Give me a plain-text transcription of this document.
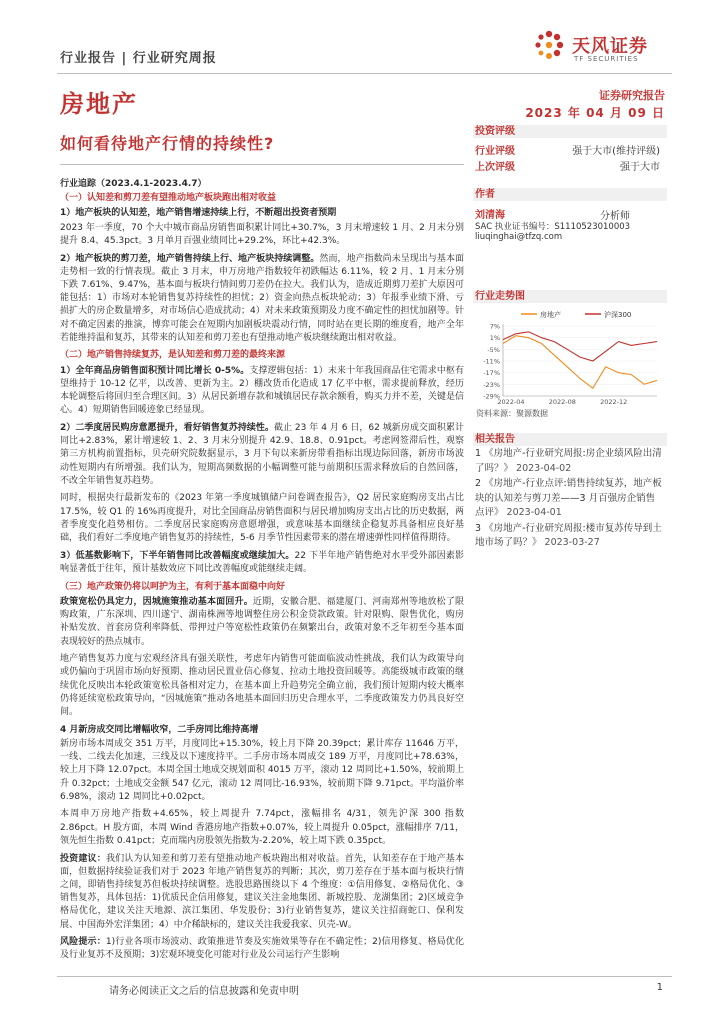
行业报告 | 行业研究周报
天风证券
TF SECURITIES
房地产	证券研究报告
2023 年 04 月 09 日
如何看待地产行情的持续性?
投资评级
行业评级	强于大市(维持评级)
上次评级	强于大市
作者
刘清海	分析师
SAC 执业证书编号：S1110523010003
liuqinghai@tfzq.com
行业走势图
房地产	沪深300
7%
1%
-5%
-11%
-17%
-23%
-29%
2022-04	2022-08	2022-12
资料来源：聚源数据
相关报告

1 《房地产-行业研究周报:房企业绩风险出清了吗？》 2023-04-02

2 《房地产-行业点评:销售持续复苏，地产板块的认知差与剪刀差——3 月百强房企销售点评》 2023-04-01

3 《房地产-行业研究周报:楼市复苏传导到土地市场了吗？》 2023-03-27

行业追踪（2023.4.1-2023.4.7）

（一）认知差和剪刀差有望推动地产板块跑出相对收益

1）地产板块的认知差，地产销售增速持续上行，不断超出投资者预期

2023 年一季度，70 个大中城市商品房销售面积累计同比+30.7%，3 月末增速较 1 月、2 月末分别提升 8.4、45.3pct。3 月单月百强业绩同比+29.2%，环比+42.3%。

2）地产板块的剪刀差，地产销售持续上行、地产板块持续调整。然而，地产指数尚未呈现出与基本面走势相一致的行情表现。截止 3 月末，申万房地产指数较年初跌幅达 6.11%，较 2 月、1 月末分别下跌 7.61%、9.47%，基本面与板块行情间剪刀差仍在拉大。我们认为，造成近期剪刀差扩大原因可能包括：1）市场对本轮销售复苏持续性的担忧；2）资金向热点板块轮动；3）年报季业绩下滑、亏损扩大的房企数量增多，对市场信心造成扰动；4）对未来政策预期及力度不确定性的担忧加剧等。针对不确定因素的推演，博弈可能会在短期内加剧板块震动行情，同时站在更长期的维度看，地产全年若能维持温和复苏，其带来的认知差和剪刀差也有望推动地产板块继续跑出相对收益。

（二）地产销售持续复苏，是认知差和剪刀差的最终来源

1）全年商品房销售面积预计同比增长 0-5%。支撑逻辑包括：1）末来十年我国商品住宅需求中枢有望维持于 10-12 亿平，以改善、更新为主。2）棚改货币化造成 17 亿平中枢，需求提前释放，经历本轮调整后将回归至合理区间。3）从居民新增存款和城镇居民存款余额看，购买力并不差，关键是信心。4）短期销售回暖迹象已经显现。

2）二季度居民购房意愿提升，看好销售复苏持续性。截止 23 年 4 月 6 日，62 城新房成交面积累计同比+2.83%，累计增速较 1、2、3 月末分别提升 42.9、18.8、0.91pct。考虑网签滞后性，观察第三方机构前置指标，贝壳研究院数据显示，3 月下旬以来新房带看指标出现边际回落，新房市场波动性短期内有所增强。我们认为，短期高频数据的小幅调整可能与前期积压需求释放后的自然回落，不改全年销售复苏趋势。

同时，根据央行最新发布的《2023 年第一季度城镇储户问卷调查报告》，Q2 居民家庭购房支出占比 17.5%，较 Q1 的 16%再度提升，对比全国商品房销售面积与居民增加购房支出占比的历史数据，两者季度变化趋势相仿。二季度居民家庭购房意愿增强，或意味基本面继续企稳复苏具备相应良好基础，我们看好二季度地产销售复苏的持续性，5-6 月季节性因素带来的潜在增速弹性同样值得期待。

3）低基数影响下，下半年销售同比改善幅度或继续加大。22 下半年地产销售绝对水平受外部因素影响显著低于往年，预计基数效应下同比改善幅度或能继续走阔。

（三）地产政策仍将以呵护为主，有利于基本面稳中向好

政策宽松仍具定力，因城施策推动基本面回升。近期，安徽合肥、福建厦门、河南郑州等地放松了限购政策，广东深圳、四川遂宁、湖南株洲等地调整住房公积金贷款政策。针对限购、限售优化，购房补贴发放、首套房贷利率降低、带押过户等宽松性政策仍在频繁出台，政策对象不乏年初至今基本面表现较好的热点城市。

地产销售复苏力度与宏观经济具有强关联性，考虑年内销售可能面临波动性挑战，我们认为政策导向或仍偏向于巩固市场向好预期、推动居民置业信心修复、拉动土地投资回暖等。高能级城市政策的继续优化反映出本轮政策宽松具备相对定力，在基本面上升趋势完全确立前，我们预计短期内较大概率仍将延续宽松政策导向，“因城施策”推动各地基本面回归历史合理水平，二季度政策发力仍具良好空间。

4 月新房成交同比增幅收窄，二手房同比维持高增

新房市场本周成交 351 万平，月度同比+15.30%，较上月下降 20.39pct；累计库存 11646 万平，一线、二线去化加速，三线及以下速度持平。二手房市场本周成交 189 万平，月度同比+78.63%，较上月下降 12.07pct。本周全国土地成交规划面积 4015 万平，滚动 12 周同比+1.50%，较前期上升 0.32pct；土地成交金额 547 亿元，滚动 12 周同比-16.93%，较前期下降 9.71pct。平均溢价率 6.98%，滚动 12 周同比+0.02pct。

本周申万房地产指数+4.65%，较上周提升 7.74pct，涨幅排名 4/31，领先沪深 300 指数 2.86pct。H 股方面，本周 Wind 香港房地产指数+0.07%，较上周提升 0.05pct，涨幅排序 7/11，领先恒生指数 0.41pct；克而瑞内房股领先指数为-2.20%，较上周下跌 0.35pct。

投资建议：我们认为认知差和剪刀差有望推动地产板块跑出相对收益。首先，认知差存在于地产基本面，但数据持续验证我们对于 2023 年地产销售复苏的判断；其次，剪刀差存在于基本面与板块行情之间，即销售持续复苏但板块持续调整。选股思路围绕以下 4 个维度：①信用修复、②格局优化、③销售复苏，具体包括：1)优质民企信用修复，建议关注金地集团、新城控股、龙湖集团；2)区域竞争格局优化，建议关注天地源、滨江集团、华发股份；3)行业销售复苏，建议关注招商蛇口、保利发展、中国海外宏洋集团；4）中介稀缺标的，建议关注我爱我家、贝壳-W。

风险提示：1)行业各项市场波动、政策推进节奏及实施效果等存在不确定性；2)信用修复、格局优化及行业复苏不及预期；3)宏观环境变化可能对行业及公司运行产生影响

请务必阅读正文之后的信息披露和免责申明	1
